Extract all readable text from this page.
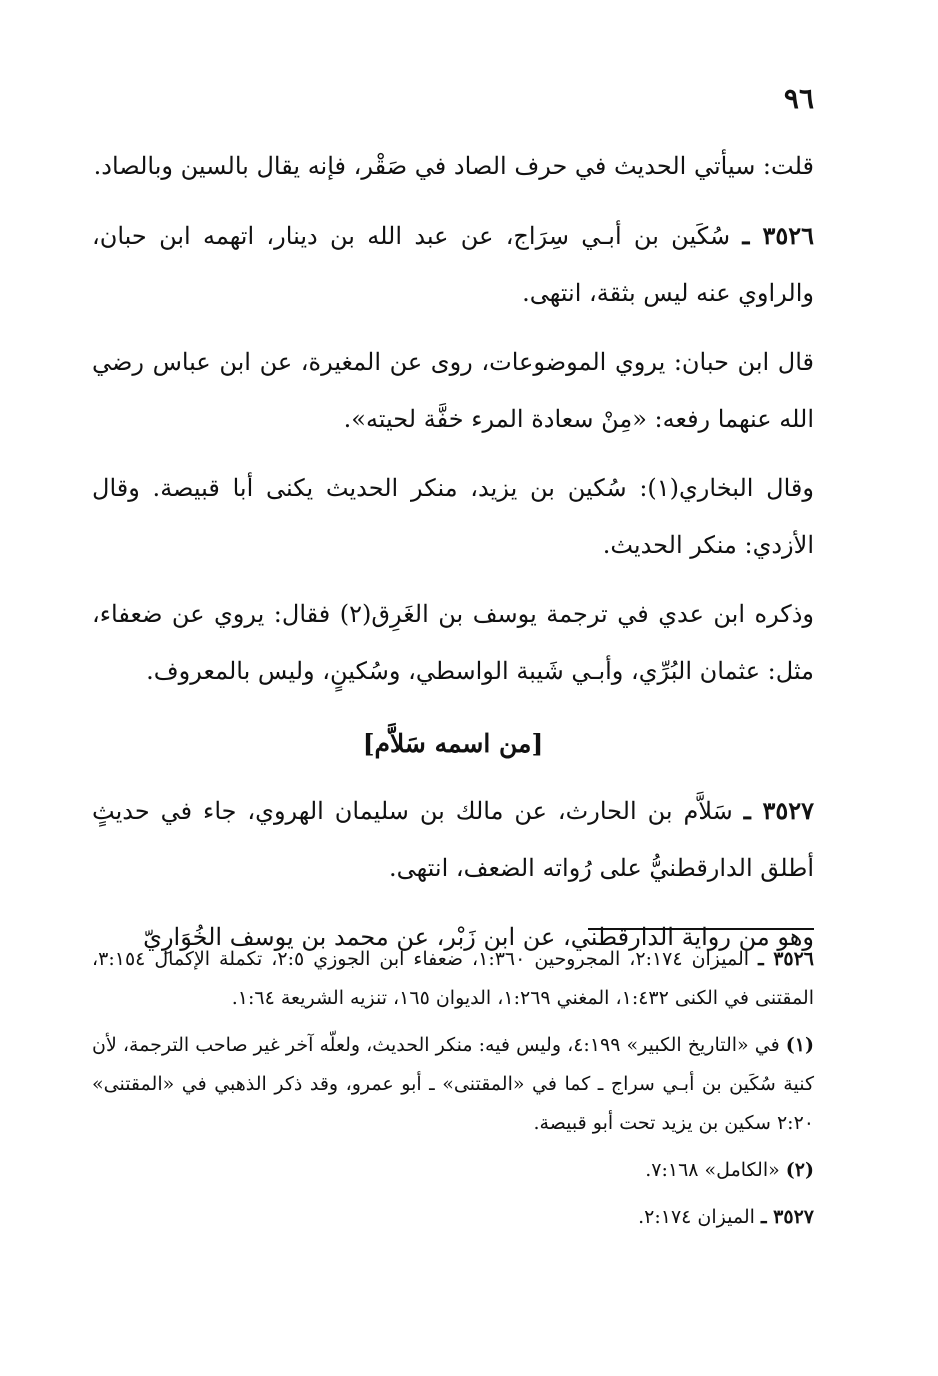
٩٦

قلت: سيأتي الحديث في حرف الصاد في صَقْر، فإنه يقال بالسين وبالصاد.

٣٥٢٦ ـ سُكَين بن أبـي سِرَاج، عن عبد الله بن دينار، اتهمه ابن حبان، والراوي عنه ليس بثقة، انتهى.

قال ابن حبان: يروي الموضوعات، روى عن المغيرة، عن ابن عباس رضي الله عنهما رفعه: «مِنْ سعادة المرء خفَّة لحيته».

وقال البخاري(١): سُكين بن يزيد، منكر الحديث يكنى أبا قبيصة. وقال الأزدي: منكر الحديث.

وذكره ابن عدي في ترجمة يوسف بن الغَرِق(٢) فقال: يروي عن ضعفاء، مثل: عثمان البُرِّي، وأبـي شَيبة الواسطي، وسُكينٍ، وليس بالمعروف.

[من اسمه سَلاَّم]

٣٥٢٧ ـ سَلاَّم بن الحارث، عن مالك بن سليمان الهروي، جاء في حديثٍ أطلق الدارقطنيُّ على رُواته الضعف، انتهى.

وهو من رواية الدارقطني، عن ابن زَبْر، عن محمد بن يوسف الخُوَارِيّ

٣٥٢٦ ـ الميزان ٢:١٧٤، المجروحين ١:٣٦٠، ضعفاء ابن الجوزي ٢:٥، تكملة الإكمال ٣:١٥٤، المقتنى في الكنى ١:٤٣٢، المغني ١:٢٦٩، الديوان ١٦٥، تنزيه الشريعة ١:٦٤.

(١) في «التاريخ الكبير» ٤:١٩٩، وليس فيه: منكر الحديث، ولعلّه آخر غير صاحب الترجمة، لأن كنية سُكَين بن أبـي سراج ـ كما في «المقتنى» ـ أبو عمرو، وقد ذكر الذهبي في «المقتنى» ٢:٢٠ سكين بن يزيد تحت أبو قبيصة.

(٢) «الكامل» ٧:١٦٨.

٣٥٢٧ ـ الميزان ٢:١٧٤.
